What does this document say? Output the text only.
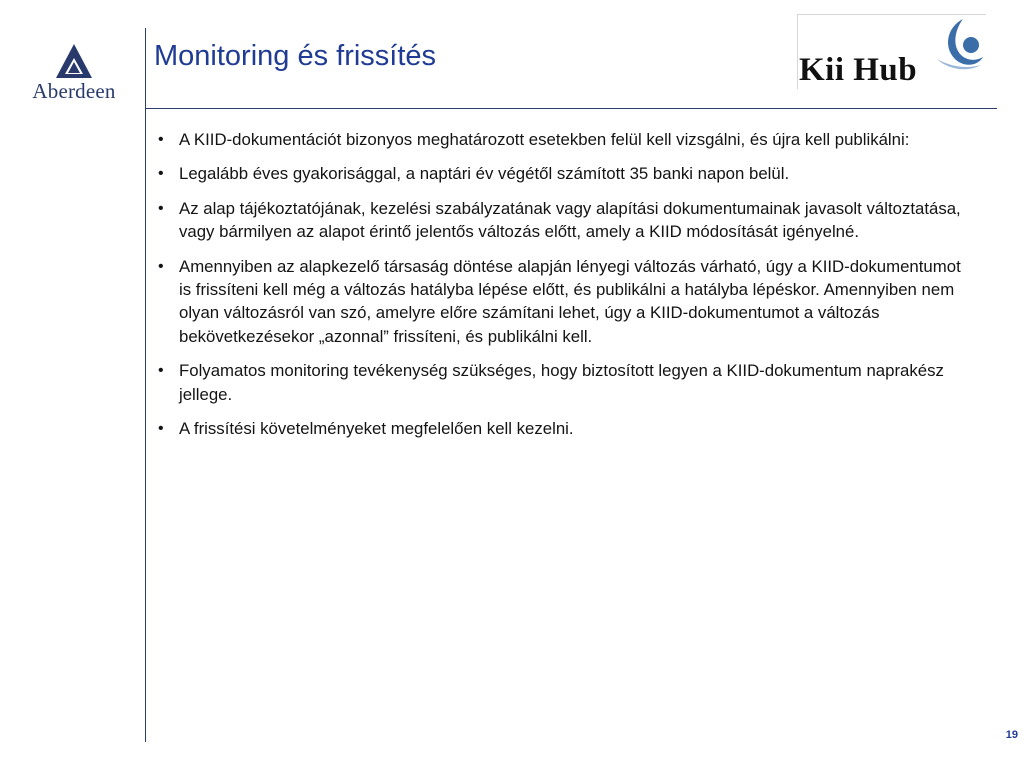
Aberdeen
Monitoring és frissítés	Kii Hub
• A KIID-dokumentációt bizonyos meghatározott esetekben felül kell vizsgálni, és újra kell publikálni:
• Legalább éves gyakorisággal, a naptári év végétől számított 35 banki napon belül.
• Az alap tájékoztatójának, kezelési szabályzatának vagy alapítási dokumentumainak javasolt változtatása, vagy bármilyen az alapot érintő jelentős változás előtt, amely a KIID módosítását igényelné.
• Amennyiben az alapkezelő társaság döntése alapján lényegi változás várható, úgy a KIID-dokumentumot is frissíteni kell még a változás hatályba lépése előtt, és publikálni a hatályba lépéskor. Amennyiben nem olyan változásról van szó, amelyre előre számítani lehet, úgy a KIID-dokumentumot a változás bekövetkezésekor „azonnal” frissíteni, és publikálni kell.
• Folyamatos monitoring tevékenység szükséges, hogy biztosított legyen a KIID-dokumentum naprakész jellege.
• A frissítési követelményeket megfelelően kell kezelni.
19
